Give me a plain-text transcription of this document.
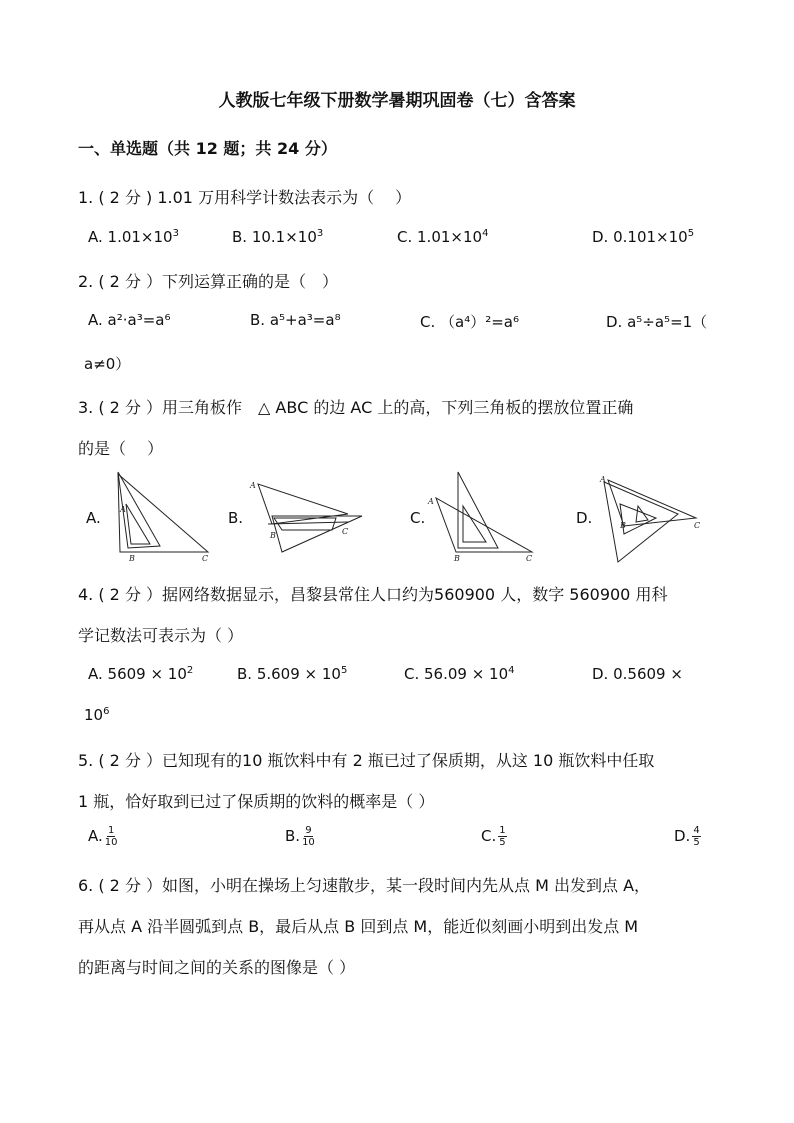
人教版七年级下册数学暑期巩固卷（七）含答案
一、单选题（共 12 题；共 24 分）
1. ( 2 分 ) 1.01 万用科学计数法表示为（　 ）
A. $1.01\times 10^3$	B. $10.1\times 10^3$	C. $1.01\times 10^4$	D. $0.101\times 10^5$
2. ( 2 分 ）下列运算正确的是（　）
A. a²·a³=a⁶	B. a⁵+a³=a⁸	C. （a⁴）²=a⁶	D. a⁵÷a⁵=1（
a≠0）
3. ( 2 分 ）用三角板作　△ ABC 的边 AC 上的高，下列三角板的摆放位置正确
的是（　 ）
A.	B.	C.	D.
A
B	C
A
B	C
A
B	C
A
B	C
4. ( 2 分 ）据网络数据显示，昌黎县常住人口约为560900 人，数字 560900 用科
学记数法可表示为（ ）
A. $5609 \times 10^2$	B. $5.609 \times 10^5$	C. $56.09 \times 10^4$	D. 0.5609 ×
$10^6$
5. ( 2 分 ）已知现有的10 瓶饮料中有 2 瓶已过了保质期，从这 10 瓶饮料中任取
1 瓶，恰好取到已过了保质期的饮料的概率是（ ）
A. $\frac{1}{10}$	B. $\frac{9}{10}$	C. $\frac{1}{5}$	D. $\frac{4}{5}$
6. ( 2 分 ）如图，小明在操场上匀速散步，某一段时间内先从点 M 出发到点 A，
再从点 A 沿半圆弧到点 B，最后从点 B 回到点 M，能近似刻画小明到出发点 M
的距离与时间之间的关系的图像是（ ）
